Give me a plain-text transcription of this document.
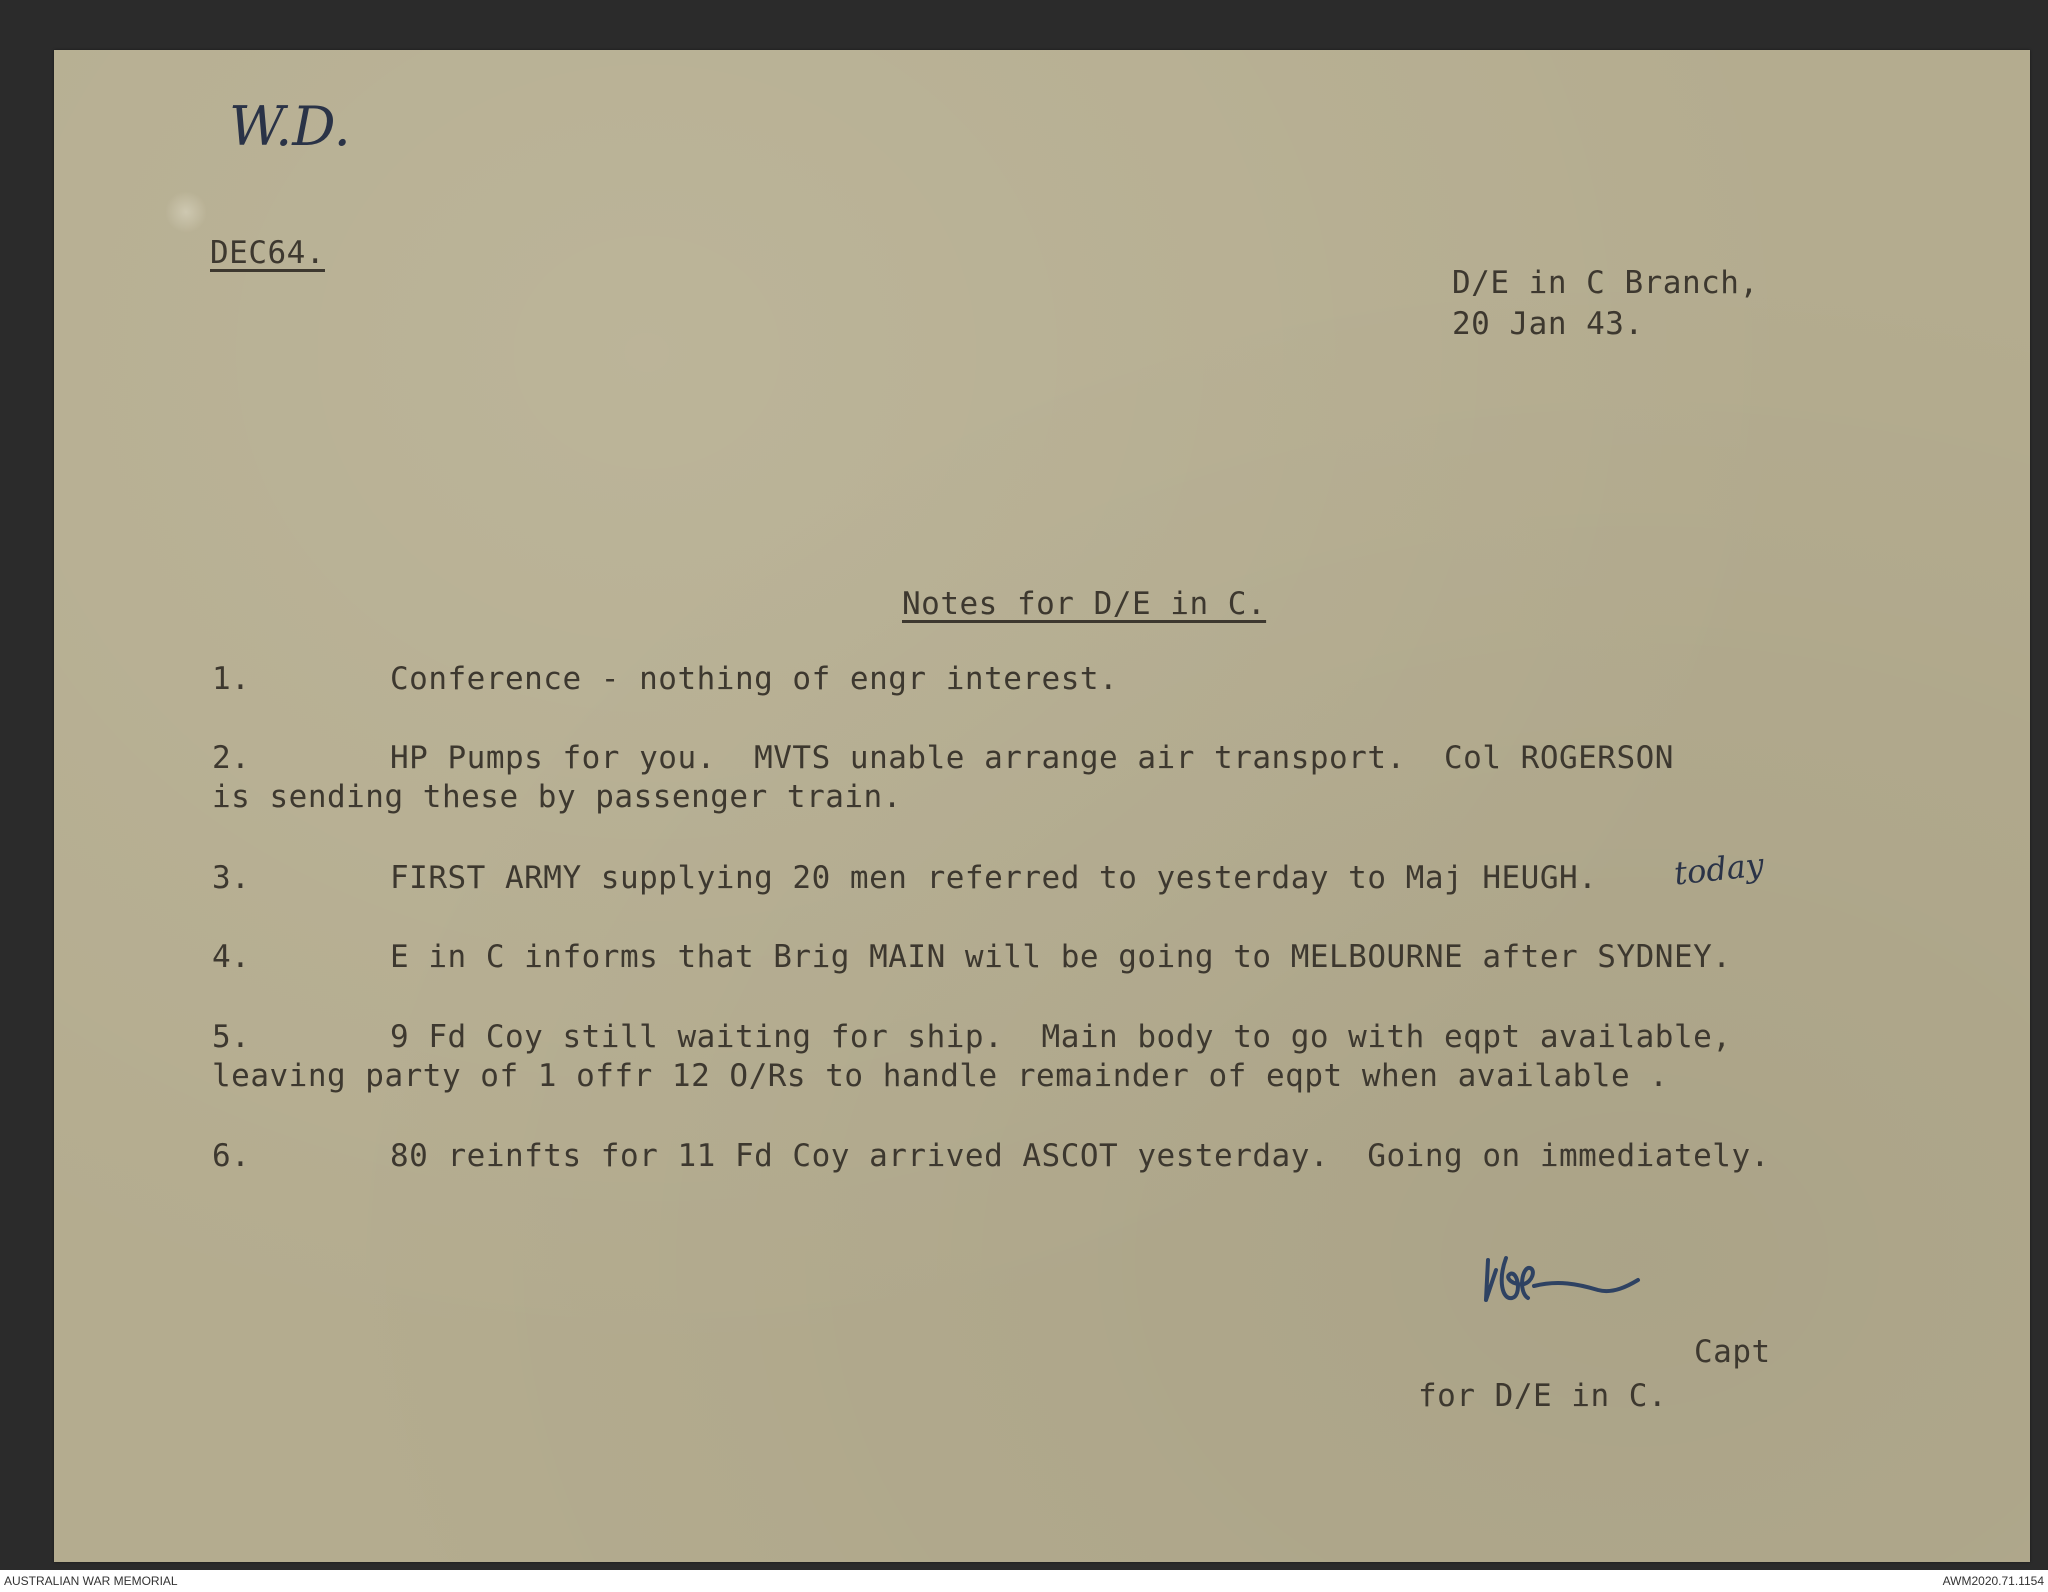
W.D.
DEC64.
D/E in C Branch,
20 Jan 43.
Notes for D/E in C.
1.	Conference - nothing of engr interest.
2.	HP Pumps for you.  MVTS unable arrange air transport.  Col ROGERSON
is sending these by passenger train.
3.	FIRST ARMY supplying 20 men referred to yesterday to Maj HEUGH. today
4.	E in C informs that Brig MAIN will be going to MELBOURNE after SYDNEY.
5.	9 Fd Coy still waiting for ship.  Main body to go with eqpt available,
leaving party of 1 offr 12 O/Rs to handle remainder of eqpt when available .
6.	80 reinfts for 11 Fd Coy arrived ASCOT yesterday.  Going on immediately.
Capt
for D/E in C.
AUSTRALIAN WAR MEMORIAL	AWM2020.71.1154
